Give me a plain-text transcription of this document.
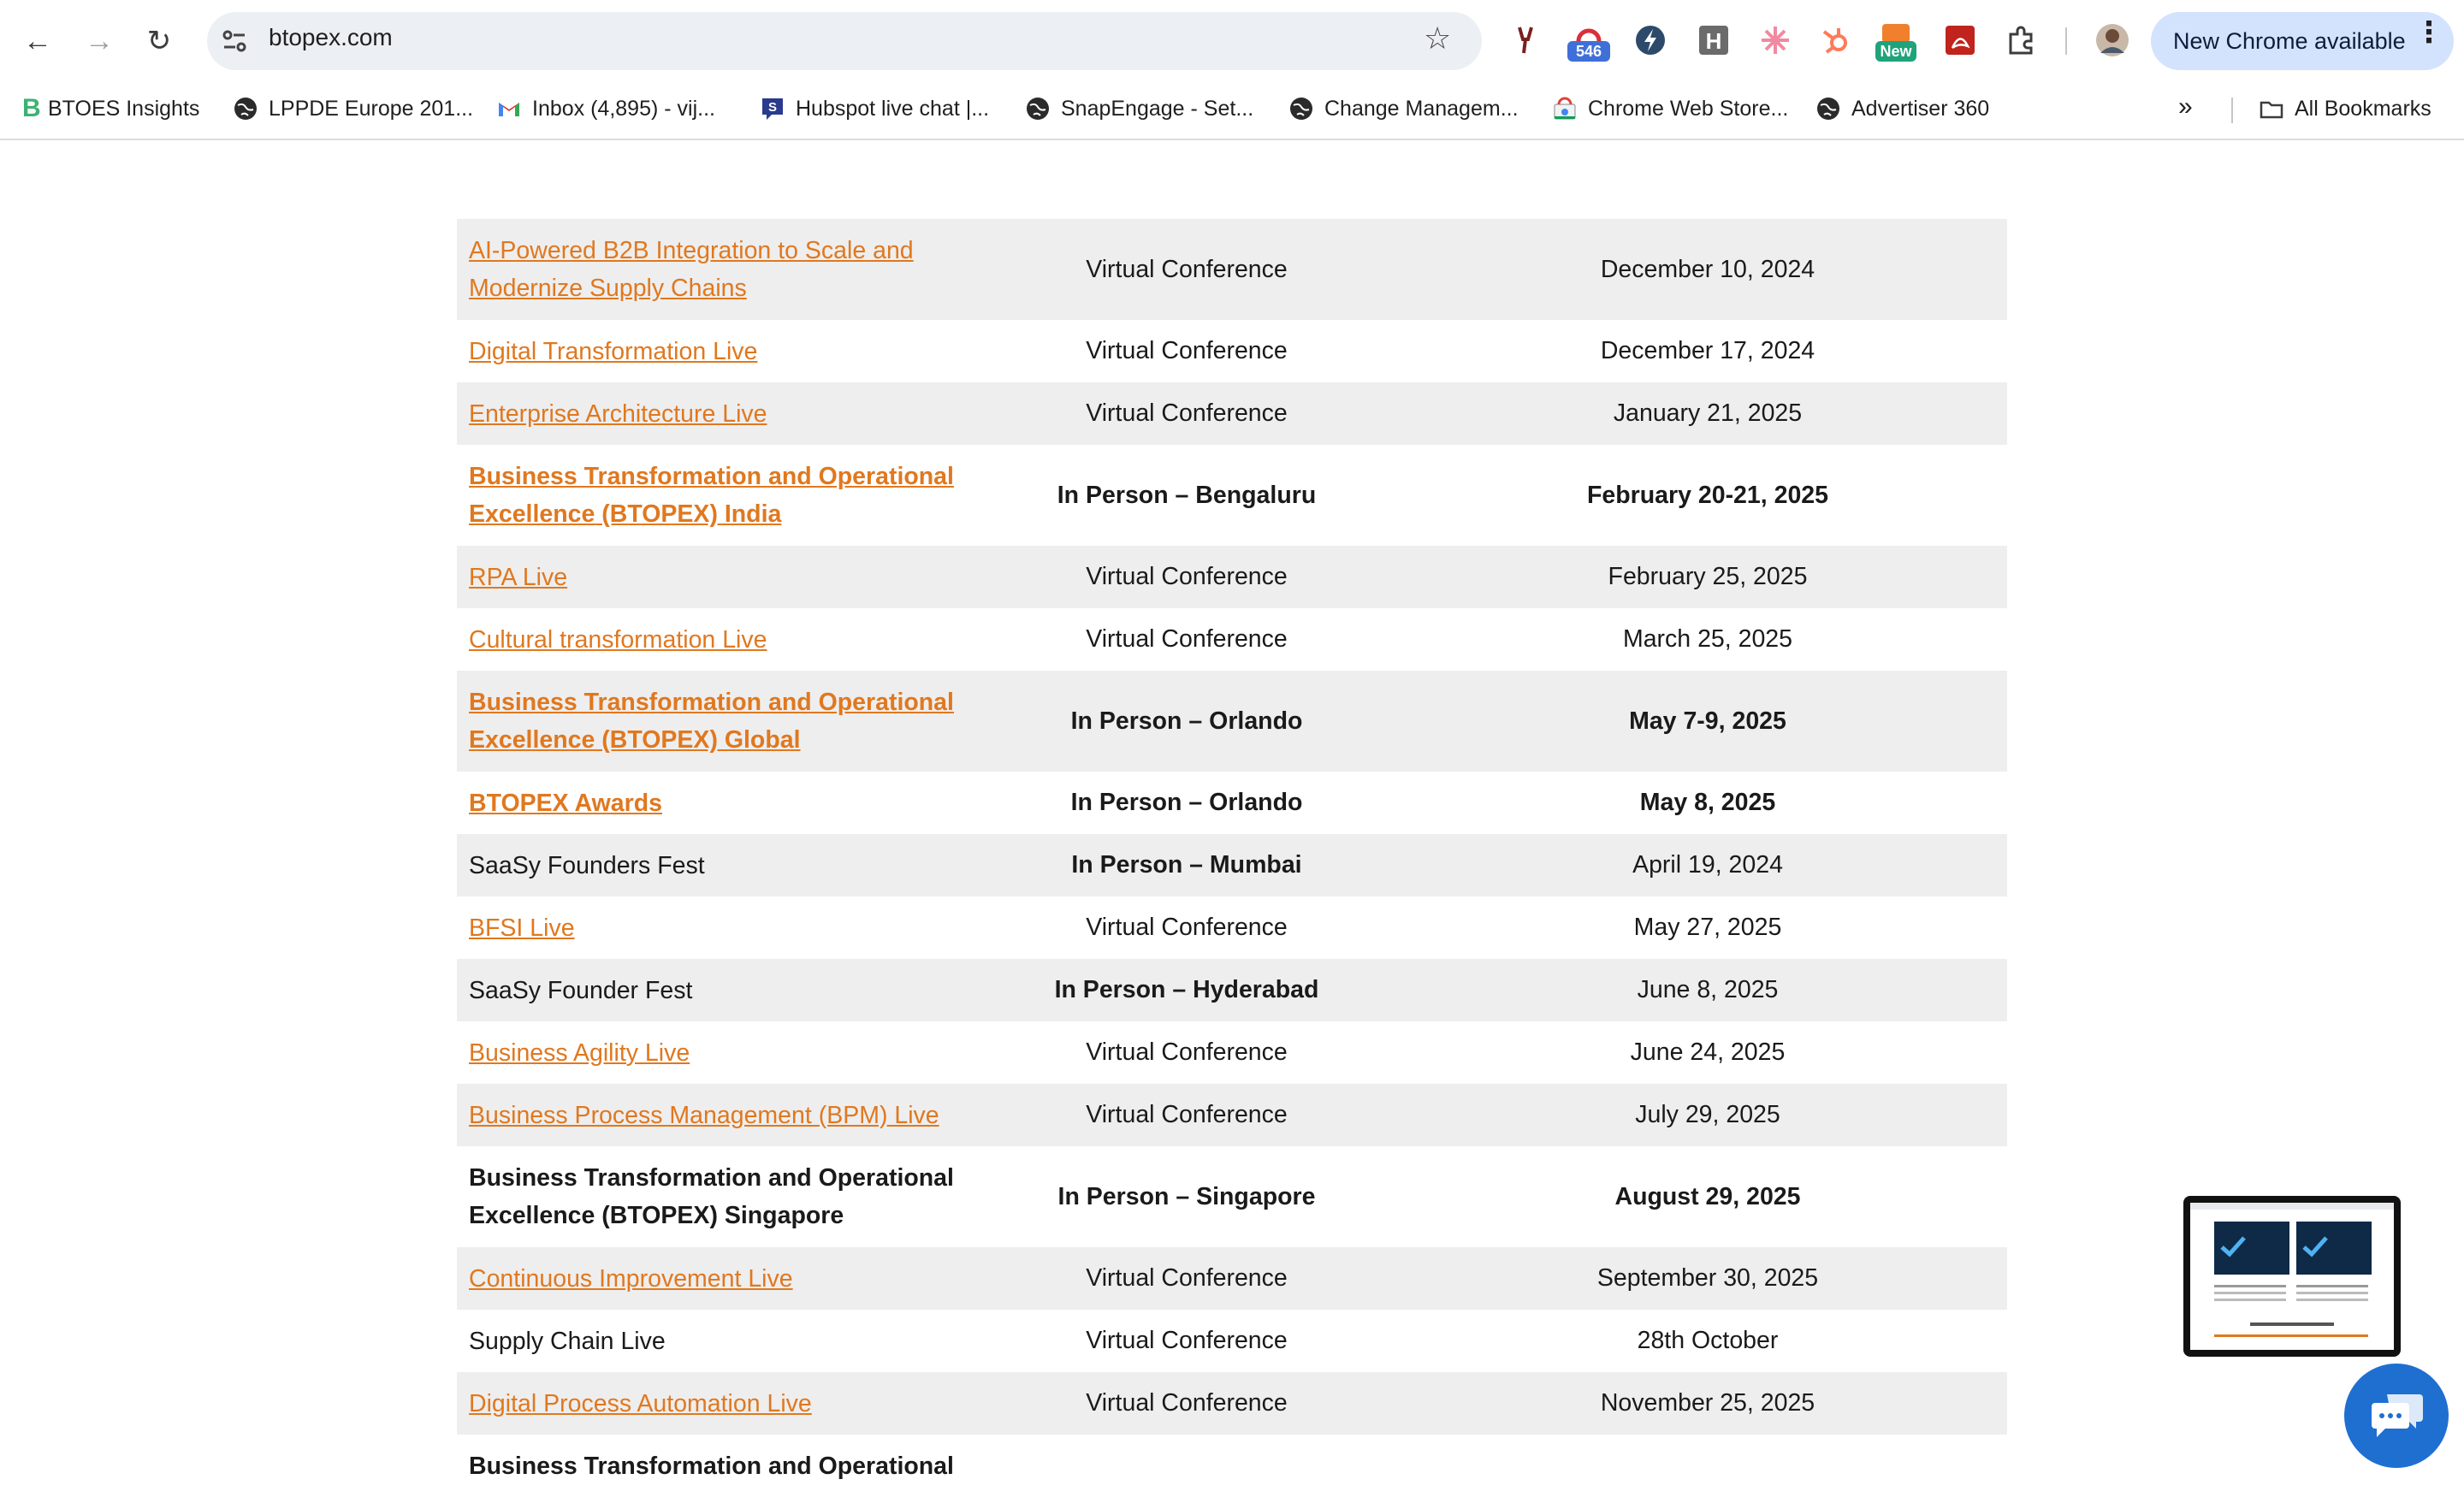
← → ↻	btopex.com	☆	546	H	New	New Chrome available ⋮
B BTOES Insights	LPPDE Europe 201...	Inbox (4,895) - vij...	S Hubspot live chat |...	SnapEngage - Set...	Change Managem...	Chrome Web Store...	Advertiser 360	»	All Bookmarks
AI-Powered B2B Integration to Scale and
Modernize Supply Chains	Virtual Conference	December 10, 2024
Digital Transformation Live	Virtual Conference	December 17, 2024
Enterprise Architecture Live	Virtual Conference	January 21, 2025
Business Transformation and Operational
Excellence (BTOPEX) India	In Person – Bengaluru	February 20-21, 2025
RPA Live	Virtual Conference	February 25, 2025
Cultural transformation Live	Virtual Conference	March 25, 2025
Business Transformation and Operational
Excellence (BTOPEX) Global	In Person – Orlando	May 7-9, 2025
BTOPEX Awards	In Person – Orlando	May 8, 2025
SaaSy Founders Fest	In Person – Mumbai	April 19, 2024
BFSI Live	Virtual Conference	May 27, 2025
SaaSy Founder Fest	In Person – Hyderabad	June 8, 2025
Business Agility Live	Virtual Conference	June 24, 2025
Business Process Management (BPM) Live	Virtual Conference	July 29, 2025
Business Transformation and Operational
Excellence (BTOPEX) Singapore	In Person – Singapore	August 29, 2025
Continuous Improvement Live	Virtual Conference	September 30, 2025
Supply Chain Live	Virtual Conference	28th October
Digital Process Automation Live	Virtual Conference	November 25, 2025
Business Transformation and Operational		
